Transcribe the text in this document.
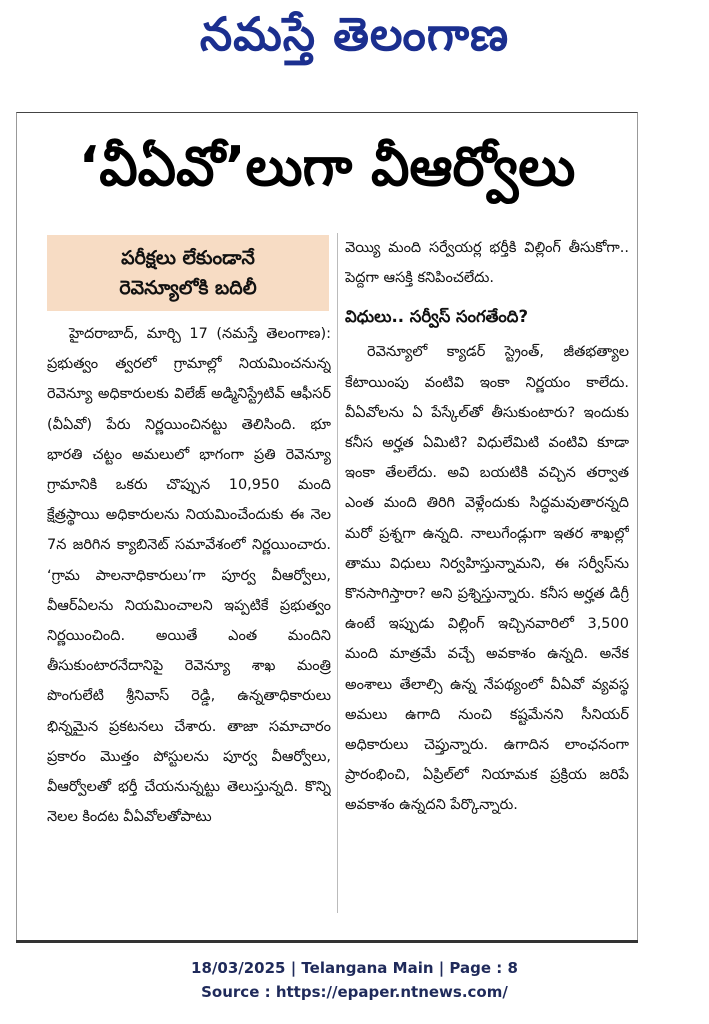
నమస్తే తెలంగాణ
‘వీఏవో’లుగా వీఆర్వోలు
పరీక్షలు లేకుండానే
రెవెన్యూలోకి బదిలీ

హైదరాబాద్, మార్చి 17 (నమస్తే తెలంగాణ): ప్రభుత్వం త్వరలో గ్రామాల్లో నియమించనున్న రెవెన్యూ అధికారులకు విలేజ్ అడ్మినిస్ట్రేటివ్ ఆఫీసర్ (వీఏవో) పేరు నిర్ణయించినట్టు తెలిసింది. భూ భారతి చట్టం అమలులో భాగంగా ప్రతి రెవెన్యూ గ్రామానికి ఒకరు చొప్పున 10,950 మంది క్షేత్రస్థాయి అధికారులను నియమించేందుకు ఈ నెల 7న జరిగిన క్యాబినెట్ సమావేశంలో నిర్ణయించారు. ‘గ్రామ పాలనాధికారులు’గా పూర్వ వీఆర్వోలు, వీఆర్ఏలను నియమించాలని ఇప్పటికే ప్రభుత్వం నిర్ణయించింది. అయితే ఎంత మందిని తీసుకుంటారనేదానిపై రెవెన్యూ శాఖ మంత్రి పొంగులేటి శ్రీనివాస్ రెడ్డి, ఉన్నతాధికారులు భిన్నమైన ప్రకటనలు చేశారు. తాజా సమాచారం ప్రకారం మొత్తం పోస్టులను పూర్వ వీఆర్వోలు, వీఆర్వోలతో భర్తీ చేయనున్నట్టు తెలుస్తున్నది. కొన్ని నెలల కిందట వీఏవోలతోపాటు

వెయ్యి మంది సర్వేయర్ల భర్తీకి విల్లింగ్ తీసుకోగా.. పెద్దగా ఆసక్తి కనిపించలేదు.

విధులు.. సర్వీస్ సంగతేంది?

రెవెన్యూలో క్యాడర్ స్ట్రెంత్, జీతభత్యాల కేటాయింపు వంటివి ఇంకా నిర్ణయం కాలేదు. వీఏవోలను ఏ పేస్కేల్‌తో తీసుకుంటారు? ఇందుకు కనీస అర్హత ఏమిటి? విధులేమిటి వంటివి కూడా ఇంకా తేలలేదు. అవి బయటికి వచ్చిన తర్వాత ఎంత మంది తిరిగి వెళ్లేందుకు సిద్ధమవుతారన్నది మరో ప్రశ్నగా ఉన్నది. నాలుగేండ్లుగా ఇతర శాఖల్లో తాము విధులు నిర్వహిస్తున్నామని, ఈ సర్వీస్‌ను కొనసాగిస్తారా? అని ప్రశ్నిస్తున్నారు. కనీస అర్హత డిగ్రీ ఉంటే ఇప్పుడు విల్లింగ్ ఇచ్చినవారిలో 3,500 మంది మాత్రమే వచ్చే అవకాశం ఉన్నది. అనేక అంశాలు తేలాల్సి ఉన్న నేపథ్యంలో వీఏవో వ్యవస్థ అమలు ఉగాది నుంచి కష్టమేనని సీనియర్ అధికారులు చెప్తున్నారు. ఉగాదిన లాంఛనంగా ప్రారంభించి, ఏప్రిల్‌లో నియామక ప్రక్రియ జరిపే అవకాశం ఉన్నదని పేర్కొన్నారు.

18/03/2025 | Telangana Main | Page : 8
Source : https://epaper.ntnews.com/
